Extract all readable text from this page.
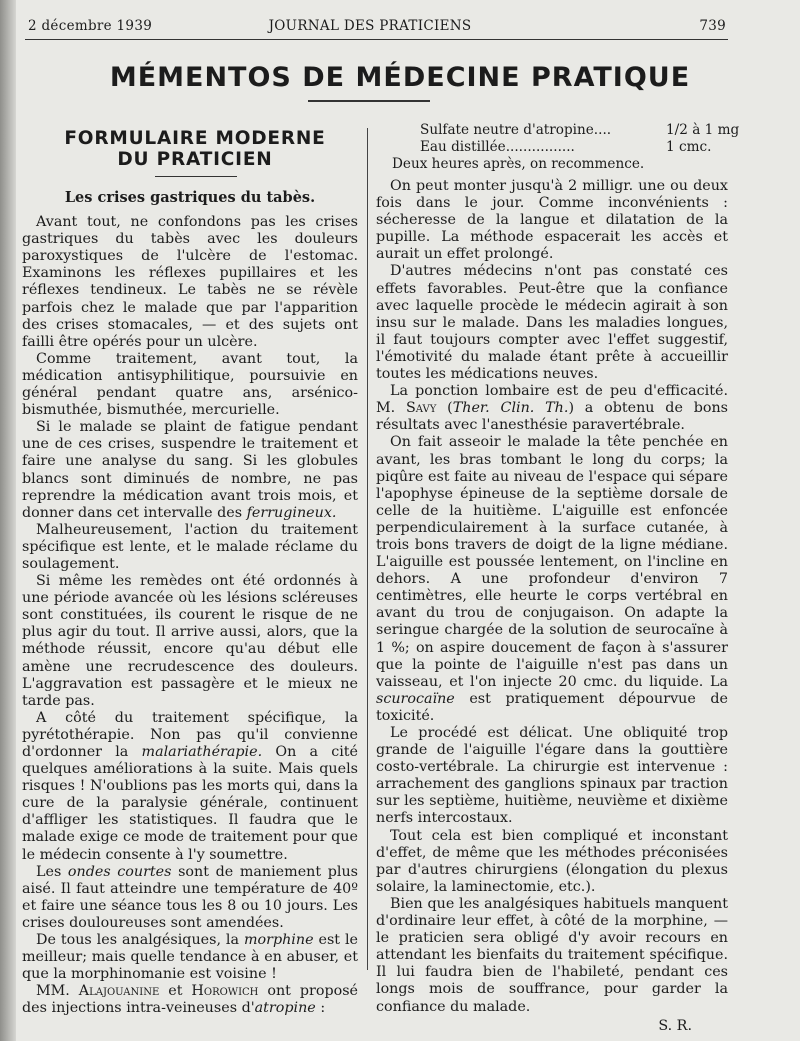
2 décembre 1939	JOURNAL DES PRATICIENS	739
MÉMENTOS DE MÉDECINE PRATIQUE
FORMULAIRE MODERNE
DU PRATICIEN
Les crises gastriques du tabès.

Avant tout, ne confondons pas les crises gastriques du tabès avec les douleurs paroxystiques de l'ulcère de l'estomac. Examinons les réflexes pupillaires et les réflexes tendineux. Le tabès ne se révèle parfois chez le malade que par l'apparition des crises stomacales, — et des sujets ont failli être opérés pour un ulcère.

Comme traitement, avant tout, la médication antisyphilitique, poursuivie en général pendant quatre ans, arsénico-bismuthée, bismuthée, mercurielle.

Si le malade se plaint de fatigue pendant une de ces crises, suspendre le traitement et faire une analyse du sang. Si les globules blancs sont diminués de nombre, ne pas reprendre la médication avant trois mois, et donner dans cet intervalle des ferrugineux.

Malheureusement, l'action du traitement spécifique est lente, et le malade réclame du soulagement.

Si même les remèdes ont été ordonnés à une période avancée où les lésions scléreuses sont constituées, ils courent le risque de ne plus agir du tout. Il arrive aussi, alors, que la méthode réussit, encore qu'au début elle amène une recrudescence des douleurs. L'aggravation est passagère et le mieux ne tarde pas.

A côté du traitement spécifique, la pyrétothérapie. Non pas qu'il convienne d'ordonner la malariathérapie. On a cité quelques améliorations à la suite. Mais quels risques ! N'oublions pas les morts qui, dans la cure de la paralysie générale, continuent d'affliger les statistiques. Il faudra que le malade exige ce mode de traitement pour que le médecin consente à l'y soumettre.

Les ondes courtes sont de maniement plus aisé. Il faut atteindre une température de 40º et faire une séance tous les 8 ou 10 jours. Les crises douloureuses sont amendées.

De tous les analgésiques, la morphine est le meilleur; mais quelle tendance à en abuser, et que la morphinomanie est voisine !

MM. Alajouanine et Horowich ont proposé des injections intra-veineuses d'atropine :

Sulfate neutre d'atropine....	1/2 à 1 mg
Eau distillée................	1 cmc.
Deux heures après, on recommence.

On peut monter jusqu'à 2 milligr. une ou deux fois dans le jour. Comme inconvénients : sécheresse de la langue et dilatation de la pupille. La méthode espacerait les accès et aurait un effet prolongé.

D'autres médecins n'ont pas constaté ces effets favorables. Peut-être que la confiance avec laquelle procède le médecin agirait à son insu sur le malade. Dans les maladies longues, il faut toujours compter avec l'effet suggestif, l'émotivité du malade étant prête à accueillir toutes les médications neuves.

La ponction lombaire est de peu d'efficacité. M. Savy (Ther. Clin. Th.) a obtenu de bons résultats avec l'anesthésie paravertébrale.

On fait asseoir le malade la tête penchée en avant, les bras tombant le long du corps; la piqûre est faite au niveau de l'espace qui sépare l'apophyse épineuse de la septième dorsale de celle de la huitième. L'aiguille est enfoncée perpendiculairement à la surface cutanée, à trois bons travers de doigt de la ligne médiane. L'aiguille est poussée lentement, on l'incline en dehors. A une profondeur d'environ 7 centimètres, elle heurte le corps vertébral en avant du trou de conjugaison. On adapte la seringue chargée de la solution de seurocaïne à 1 %; on aspire doucement de façon à s'assurer que la pointe de l'aiguille n'est pas dans un vaisseau, et l'on injecte 20 cmc. du liquide. La scurocaïne est pratiquement dépourvue de toxicité.

Le procédé est délicat. Une obliquité trop grande de l'aiguille l'égare dans la gouttière costo-vertébrale. La chirurgie est intervenue : arrachement des ganglions spinaux par traction sur les septième, huitième, neuvième et dixième nerfs intercostaux.

Tout cela est bien compliqué et inconstant d'effet, de même que les méthodes préconisées par d'autres chirurgiens (élongation du plexus solaire, la laminectomie, etc.).

Bien que les analgésiques habituels manquent d'ordinaire leur effet, à côté de la morphine, — le praticien sera obligé d'y avoir recours en attendant les bienfaits du traitement spécifique. Il lui faudra bien de l'habileté, pendant ces longs mois de souffrance, pour garder la confiance du malade.

S. R.
